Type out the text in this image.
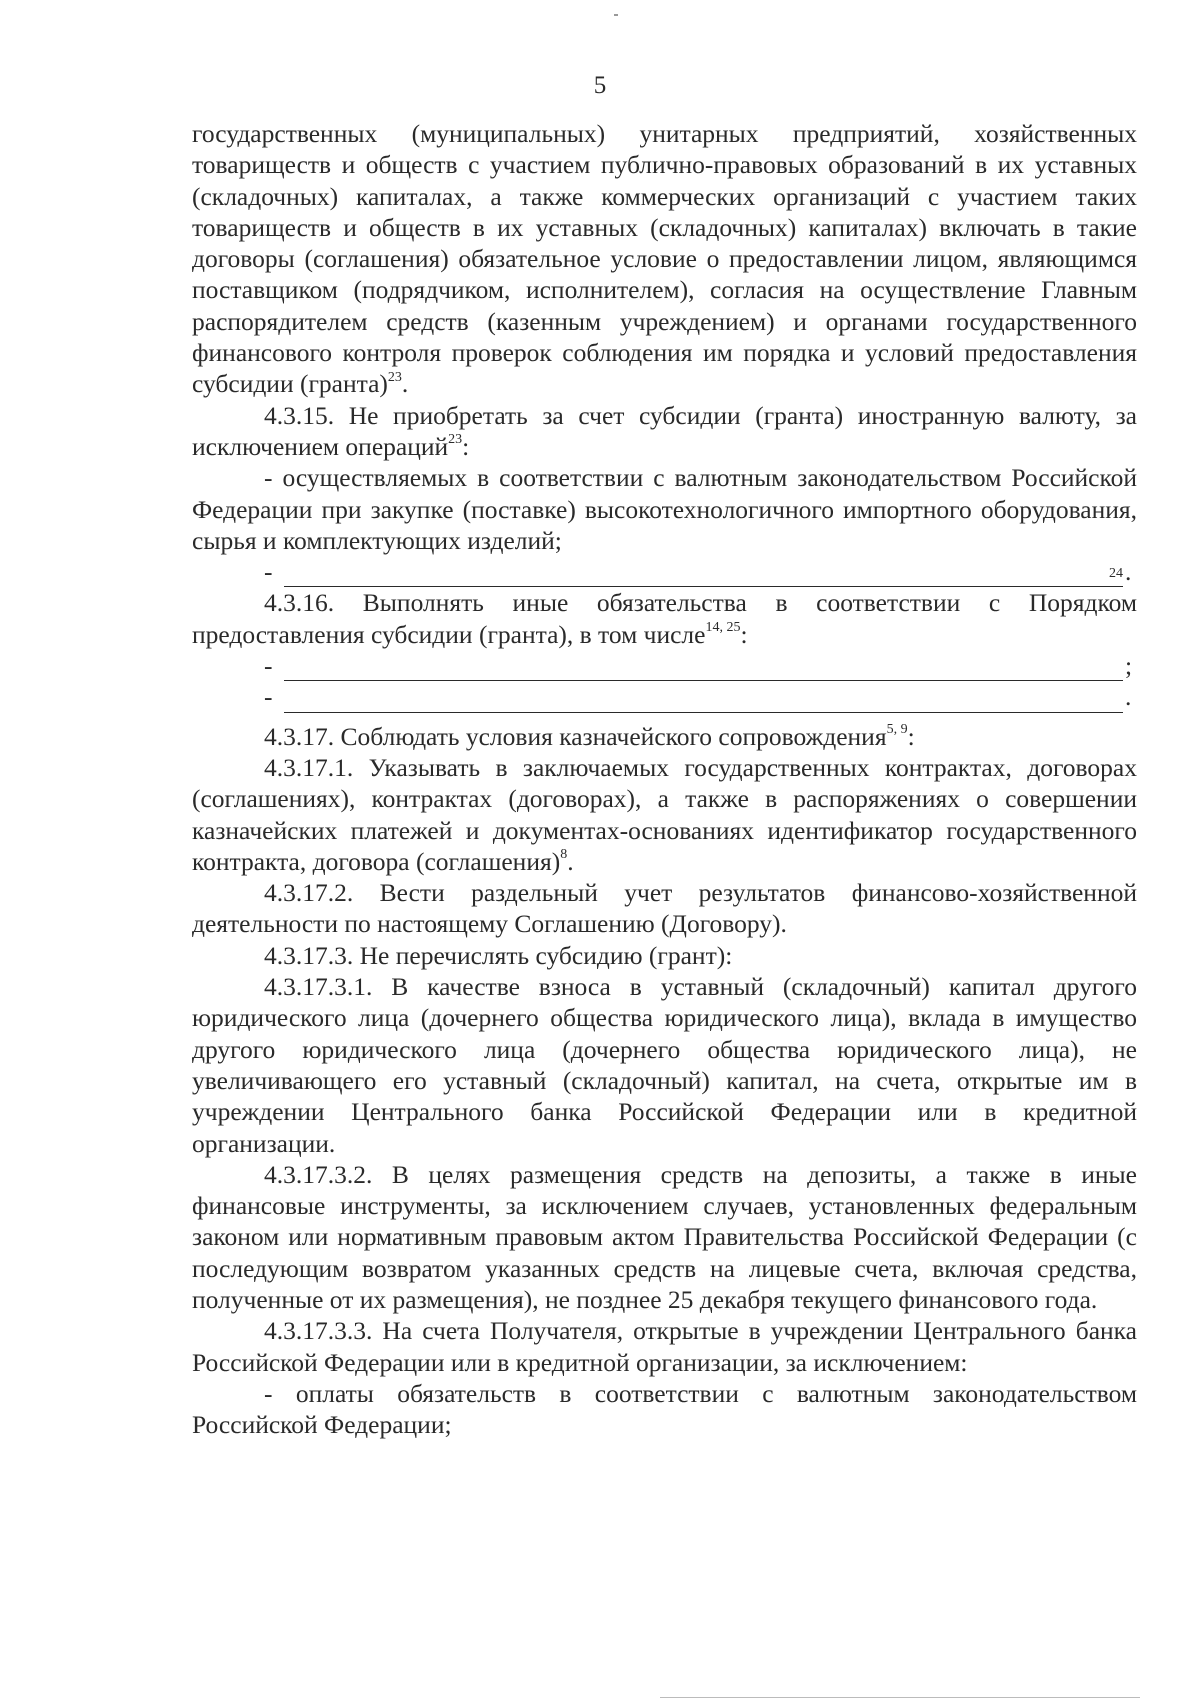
5

государственных (муниципальных) унитарных предприятий, хозяйственных товариществ и обществ с участием публично-правовых образований в их уставных (складочных) капиталах, а также коммерческих организаций с участием таких товариществ и обществ в их уставных (складочных) капиталах) включать в такие договоры (соглашения) обязательное условие о предоставлении лицом, являющимся поставщиком (подрядчиком, исполнителем), согласия на осуществление Главным распорядителем средств (казенным учреждением) и органами государственного финансового контроля проверок соблюдения им порядка и условий предоставления субсидии (гранта)$^{23}$.

4.3.15. Не приобретать за счет субсидии (гранта) иностранную валюту, за исключением операций$^{23}$:

- осуществляемых в соответствии с валютным законодательством Российской Федерации при закупке (поставке) высокотехнологичного импортного оборудования, сырья и комплектующих изделий;

-	24 .

4.3.16. Выполнять иные обязательства в соответствии с Порядком предоставления субсидии (гранта), в том числе$^{14, 25}$:

-	;
-	.

4.3.17. Соблюдать условия казначейского сопровождения$^{5, 9}$:

4.3.17.1. Указывать в заключаемых государственных контрактах, договорах (соглашениях), контрактах (договорах), а также в распоряжениях о совершении казначейских платежей и документах-основаниях идентификатор государственного контракта, договора (соглашения)$^8$.

4.3.17.2. Вести раздельный учет результатов финансово-хозяйственной деятельности по настоящему Соглашению (Договору).

4.3.17.3. Не перечислять субсидию (грант):

4.3.17.3.1. В качестве взноса в уставный (складочный) капитал другого юридического лица (дочернего общества юридического лица), вклада в имущество другого юридического лица (дочернего общества юридического лица), не увеличивающего его уставный (складочный) капитал, на счета, открытые им в учреждении Центрального банка Российской Федерации или в кредитной организации.

4.3.17.3.2. В целях размещения средств на депозиты, а также в иные финансовые инструменты, за исключением случаев, установленных федеральным законом или нормативным правовым актом Правительства Российской Федерации (с последующим возвратом указанных средств на лицевые счета, включая средства, полученные от их размещения), не позднее 25 декабря текущего финансового года.

4.3.17.3.3. На счета Получателя, открытые в учреждении Центрального банка Российской Федерации или в кредитной организации, за исключением:

- оплаты обязательств в соответствии с валютным законодательством Российской Федерации;
